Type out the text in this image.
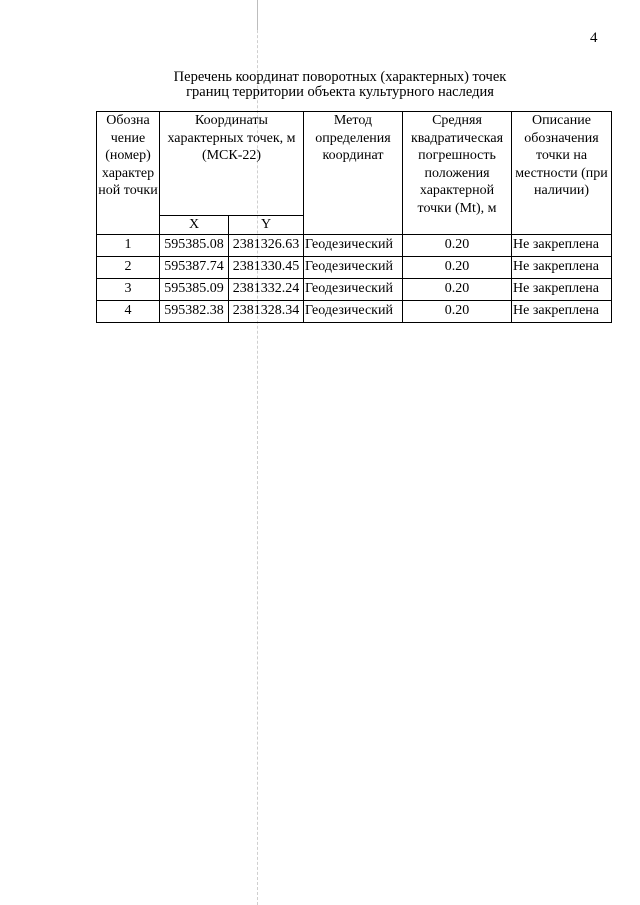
4
Перечень координат поворотных (характерных) точек
границ территории объекта культурного наследия
Обозна чение (номер) характер ной точки	Координаты характерных точек, м (МСК-22)		Метод определения координат	Средняя квадратическая погрешность положения характерной точки (Mt), м	Описание обозначения точки на местности (при наличии)
	X	Y			
1	595385.08	2381326.63	Геодезический	0.20	Не закреплена
2	595387.74	2381330.45	Геодезический	0.20	Не закреплена
3	595385.09	2381332.24	Геодезический	0.20	Не закреплена
4	595382.38	2381328.34	Геодезический	0.20	Не закреплена
